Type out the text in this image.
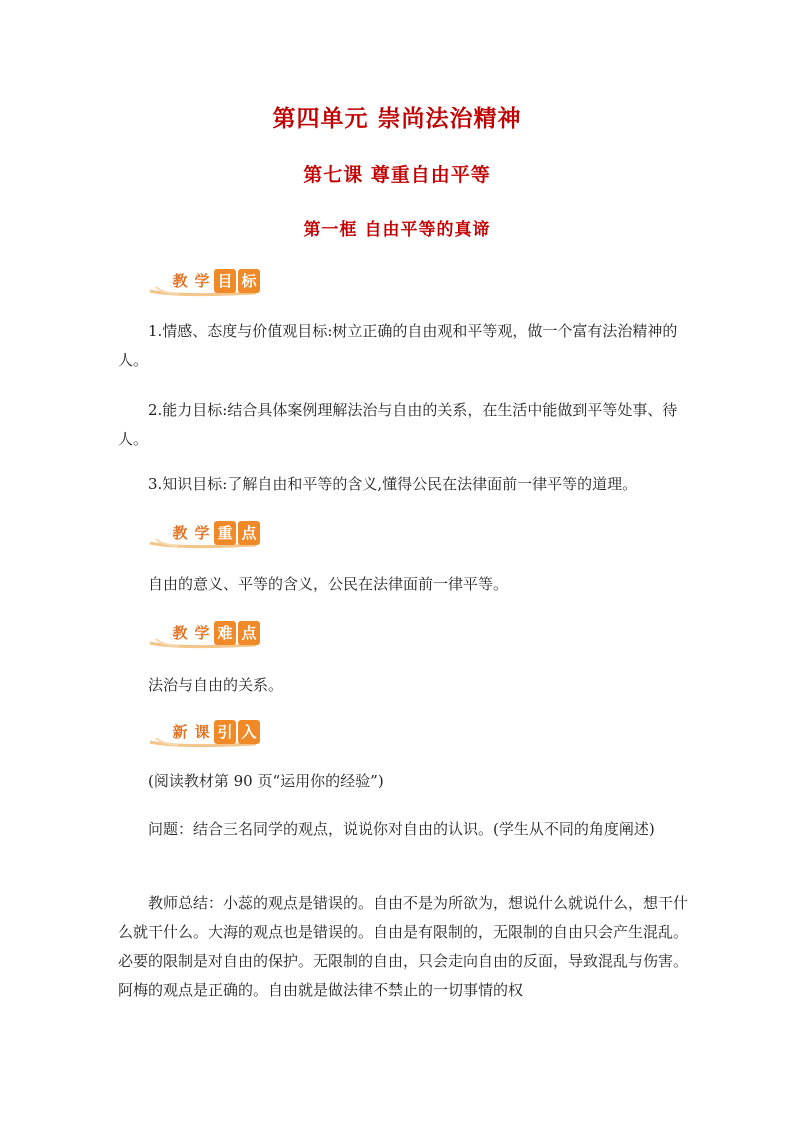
第四单元 崇尚法治精神
第七课 尊重自由平等
第一框 自由平等的真谛
教 学 目 标
1.情感、态度与价值观目标:树立正确的自由观和平等观，做一个富有法治精神的人。
2.能力目标:结合具体案例理解法治与自由的关系，在生活中能做到平等处事、待人。
3.知识目标:了解自由和平等的含义,懂得公民在法律面前一律平等的道理。
教 学 重 点
自由的意义、平等的含义，公民在法律面前一律平等。
教 学 难 点
法治与自由的关系。
新 课 引 入
(阅读教材第 90 页“运用你的经验”)
问题：结合三名同学的观点，说说你对自由的认识。(学生从不同的角度阐述)
教师总结：小蕊的观点是错误的。自由不是为所欲为，想说什么就说什么，想干什么就干什么。大海的观点也是错误的。自由是有限制的，无限制的自由只会产生混乱。必要的限制是对自由的保护。无限制的自由，只会走向自由的反面，导致混乱与伤害。阿梅的观点是正确的。自由就是做法律不禁止的一切事情的权
